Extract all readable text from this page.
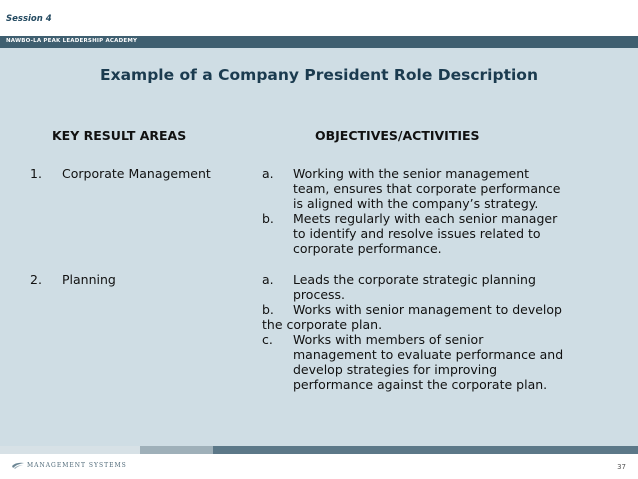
Session 4
NAWBO-LA PEAK LEADERSHIP ACADEMY
Example of a Company President Role Description
KEY RESULT AREAS	OBJECTIVES/ACTIVITIES
1. Corporate Management	a. Working with the senior management
team, ensures that corporate performance
is aligned with the company’s strategy.
b. Meets regularly with each senior manager
to identify and resolve issues related to
corporate performance.
2. Planning	a. Leads the corporate strategic planning
process.
b. Works with senior management to develop
the corporate plan.
c. Works with members of senior
management to evaluate performance and
develop strategies for improving
performance against the corporate plan.
MANAGEMENT SYSTEMS	37
